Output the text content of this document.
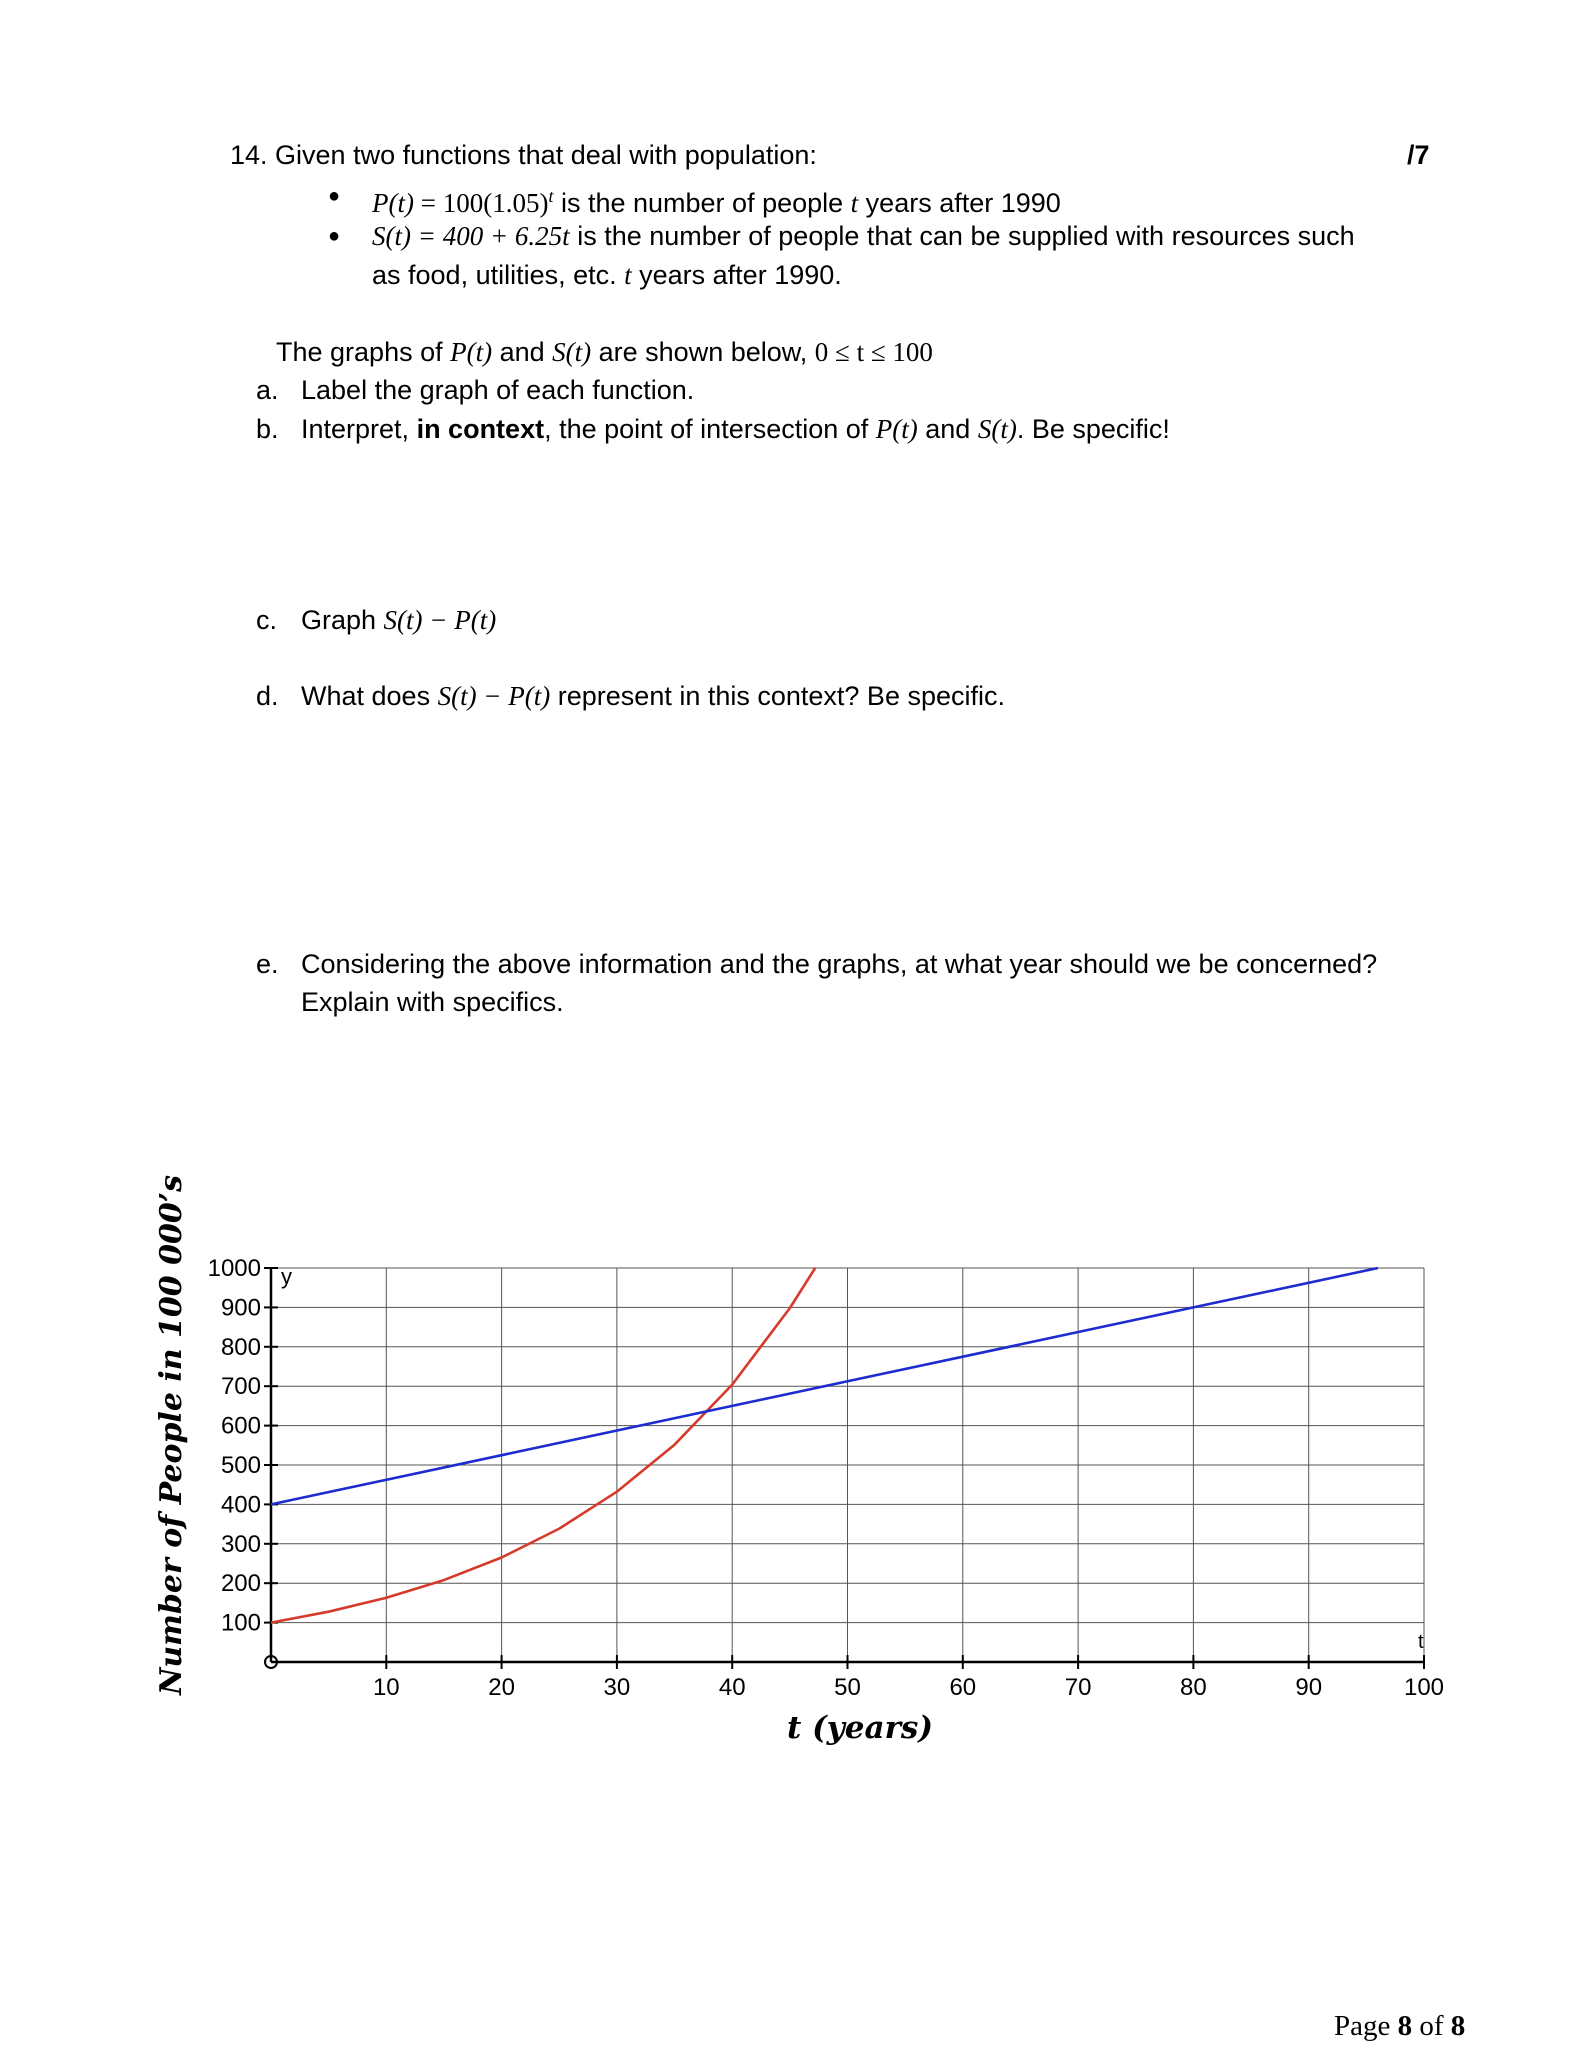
14. Given two functions that deal with population:	/7
● $P(t) = 100(1.05)^t$ is the number of people t years after 1990
● S(t) = 400 + 6.25t is the number of people that can be supplied with resources such
as food, utilities, etc. t years after 1990.
The graphs of P(t) and S(t) are shown below, 0 ≤ t ≤ 100
a. Label the graph of each function.
b. Interpret, in context, the point of intersection of P(t) and S(t). Be specific!
c. Graph S(t) − P(t)
d. What does S(t) − P(t) represent in this context? Be specific.
e. Considering the above information and the graphs, at what year should we be concerned?
Explain with specifics.
Number of People in 100 000’s	10	20	30	40	50	60	70	80	90	100
100
200
300
400
500
600
700
800
900
1000 y
t
t (years)
Page 8 of 8
